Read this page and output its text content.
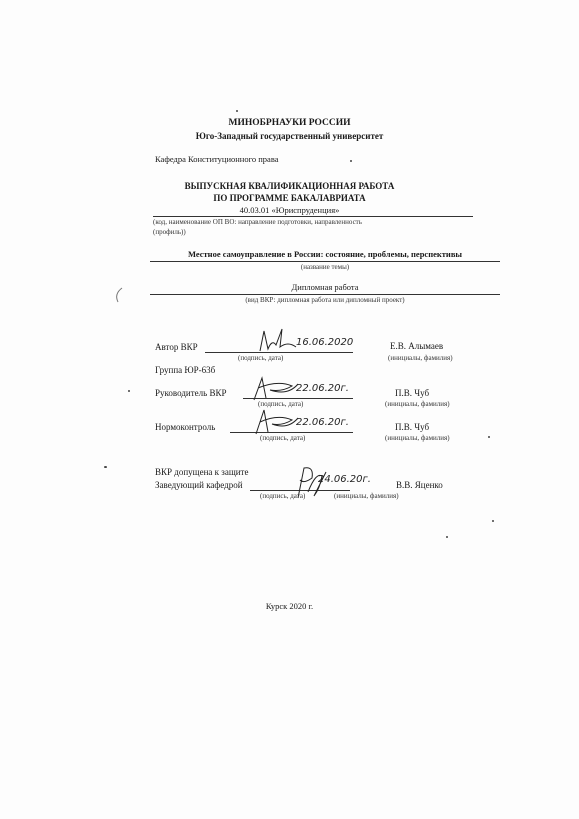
МИНОБРНАУКИ РОССИИ
Юго-Западный государственный университет
Кафедра Конституционного права
ВЫПУСКНАЯ КВАЛИФИКАЦИОННАЯ РАБОТА
ПО ПРОГРАММЕ БАКАЛАВРИАТА
40.03.01 «Юриспруденция»
(код, наименование ОП ВО: направление подготовки, направленность
(профиль))
Местное самоуправление в России: состояние, проблемы, перспективы
(название темы)
Дипломная работа
(вид ВКР: дипломная работа или дипломный проект)
Автор ВКР	16.06.2020
(подпись, дата)
Е.В. Алымаев
(инициалы, фамилия)
Группа ЮР-63б
Руководитель ВКР	22.06.20г.
(подпись, дата)
П.В. Чуб
(инициалы, фамилия)
Нормоконтроль	22.06.20г.
(подпись, дата)
П.В. Чуб
(инициалы, фамилия)
ВКР допущена к защите
Заведующий кафедрой	24.06.20г.
(подпись, дата)
В.В. Яценко
(инициалы, фамилия)
Курск 2020 г.
